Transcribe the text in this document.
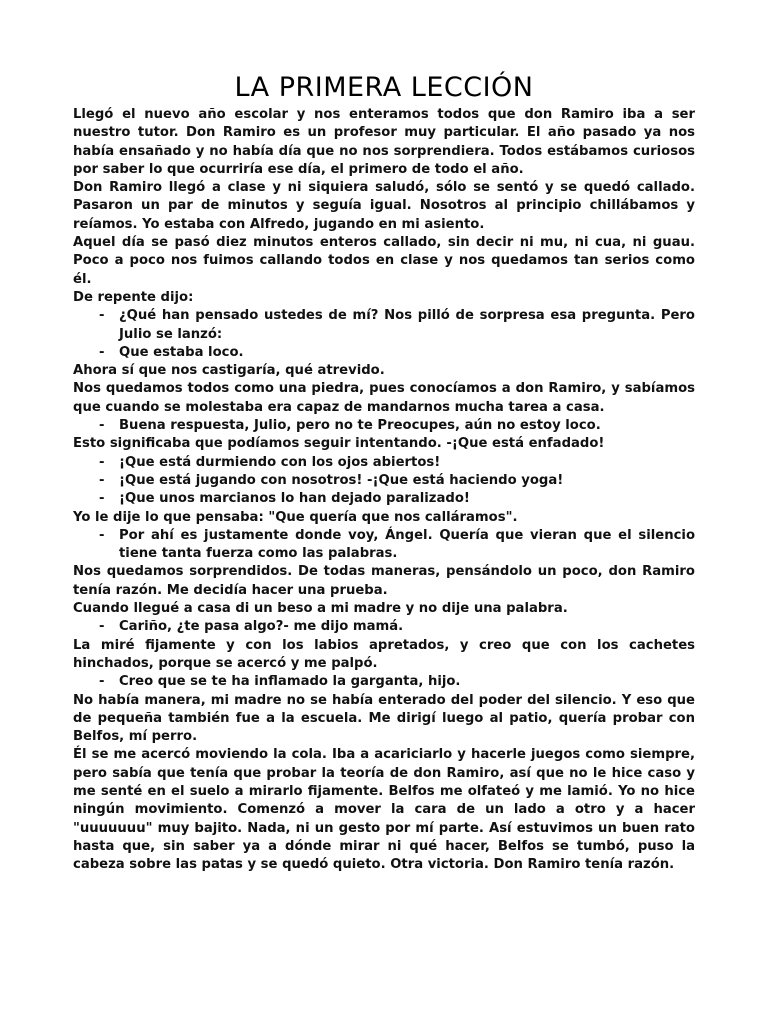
LA PRIMERA LECCIÓN

Llegó el nuevo año escolar y nos enteramos todos que don Ramiro iba a ser nuestro tutor. Don Ramiro es un profesor muy particular. El año pasado ya nos había ensañado y no había día que no nos sorprendiera. Todos estábamos curiosos por saber lo que ocurriría ese día, el primero de todo el año.

Don Ramiro llegó a clase y ni siquiera saludó, sólo se sentó y se quedó callado. Pasaron un par de minutos y seguía igual. Nosotros al principio chillábamos y reíamos. Yo estaba con Alfredo, jugando en mi asiento.

Aquel día se pasó diez minutos enteros callado, sin decir ni mu, ni cua, ni guau. Poco a poco nos fuimos callando todos en clase y nos quedamos tan serios como él.

De repente dijo:

- ¿Qué han pensado ustedes de mí? Nos pilló de sorpresa esa pregunta. Pero Julio se lanzó:

- Que estaba loco.

Ahora sí que nos castigaría, qué atrevido.

Nos quedamos todos como una piedra, pues conocíamos a don Ramiro, y sabíamos que cuando se molestaba era capaz de mandarnos mucha tarea a casa.

- Buena respuesta, Julio, pero no te Preocupes, aún no estoy loco.

Esto significaba que podíamos seguir intentando. -¡Que está enfadado!

- ¡Que está durmiendo con los ojos abiertos!

- ¡Que está jugando con nosotros! -¡Que está haciendo yoga!

- ¡Que unos marcianos lo han dejado paralizado!

Yo le dije lo que pensaba: "Que quería que nos calláramos".

- Por ahí es justamente donde voy, Ángel. Quería que vieran que el silencio tiene tanta fuerza como las palabras.

Nos quedamos sorprendidos. De todas maneras, pensándolo un poco, don Ramiro tenía razón. Me decidía hacer una prueba.

Cuando llegué a casa di un beso a mi madre y no dije una palabra.

- Cariño, ¿te pasa algo?- me dijo mamá.

La miré fijamente y con los labios apretados, y creo que con los cachetes hinchados, porque se acercó y me palpó.

- Creo que se te ha inflamado la garganta, hijo.

No había manera, mi madre no se había enterado del poder del silencio. Y eso que de pequeña también fue a la escuela. Me dirigí luego al patio, quería probar con Belfos, mí perro.

Él se me acercó moviendo la cola. Iba a acariciarlo y hacerle juegos como siempre, pero sabía que tenía que probar la teoría de don Ramiro, así que no le hice caso y me senté en el suelo a mirarlo fijamente. Belfos me olfateó y me lamió. Yo no hice ningún movimiento. Comenzó a mover la cara de un lado a otro y a hacer "uuuuuuu" muy bajito. Nada, ni un gesto por mí parte. Así estuvimos un buen rato hasta que, sin saber ya a dónde mirar ni qué hacer, Belfos se tumbó, puso la cabeza sobre las patas y se quedó quieto. Otra victoria. Don Ramiro tenía razón.
